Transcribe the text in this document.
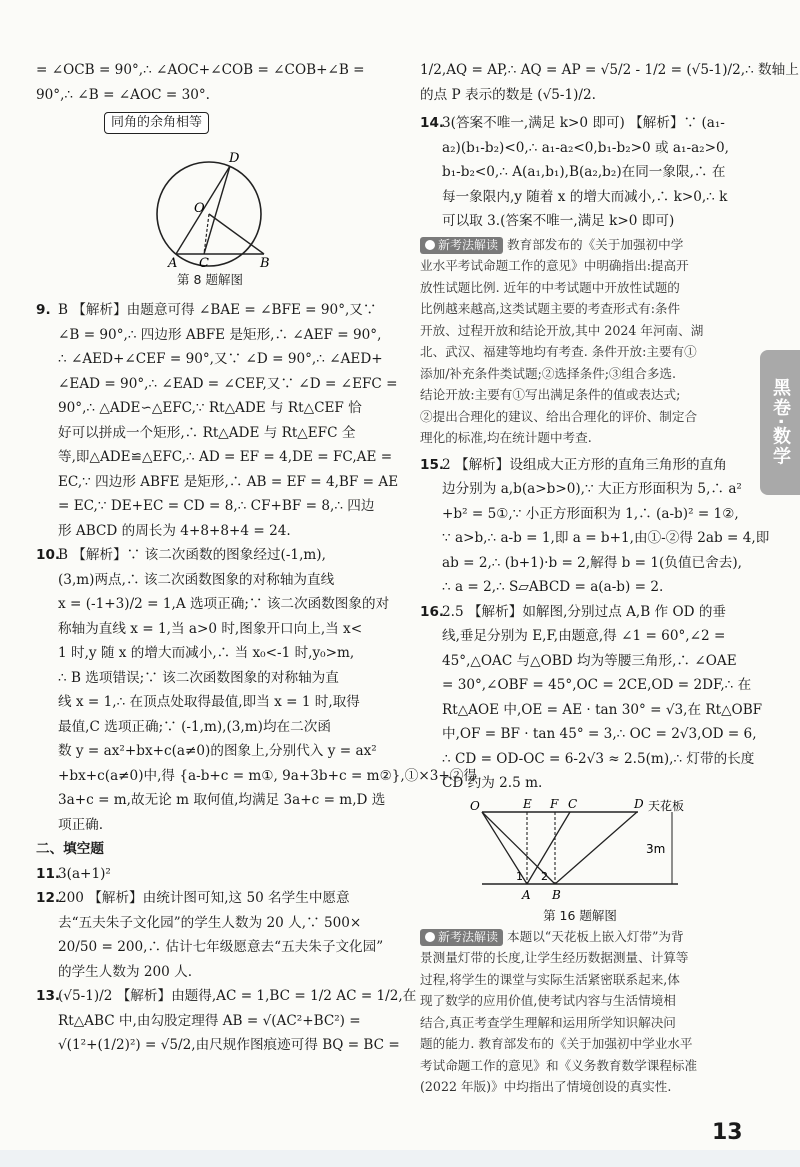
= ∠OCB = 90°,∴ ∠AOC+∠COB = ∠COB+∠B =
90°,∴ ∠B = ∠AOC = 30°.
同角的余角相等
D
O
A C	B
第 8 题解图
9. B 【解析】由题意可得 ∠BAE = ∠BFE = 90°,又∵
∠B = 90°,∴ 四边形 ABFE 是矩形,∴ ∠AEF = 90°,
∴ ∠AED+∠CEF = 90°,又∵ ∠D = 90°,∴ ∠AED+
∠EAD = 90°,∴ ∠EAD = ∠CEF,又∵ ∠D = ∠EFC =
90°,∴ △ADE∽△EFC,∵ Rt△ADE 与 Rt△CEF 恰
好可以拼成一个矩形,∴ Rt△ADE 与 Rt△EFC 全
等,即△ADE≌△EFC,∴ AD = EF = 4,DE = FC,AE =
EC,∵ 四边形 ABFE 是矩形,∴ AB = EF = 4,BF = AE
= EC,∵ DE+EC = CD = 8,∴ CF+BF = 8,∴ 四边
形 ABCD 的周长为 4+8+8+4 = 24.
10.B 【解析】∵ 该二次函数的图象经过(-1,m),
(3,m)两点,∴ 该二次函数图象的对称轴为直线
x = (-1+3)/2 = 1,A 选项正确;∵ 该二次函数图象的对
称轴为直线 x = 1,当 a>0 时,图象开口向上,当 x<
1 时,y 随 x 的增大而减小,∴ 当 x₀<-1 时,y₀>m,
∴ B 选项错误;∵ 该二次函数图象的对称轴为直
线 x = 1,∴ 在顶点处取得最值,即当 x = 1 时,取得
最值,C 选项正确;∵ (-1,m),(3,m)均在二次函
数 y = ax²+bx+c(a≠0)的图象上,分别代入 y = ax²
+bx+c(a≠0)中,得 {a-b+c = m①, 9a+3b+c = m②},①×3+②得
3a+c = m,故无论 m 取何值,均满足 3a+c = m,D 选
项正确.
二、填空题
11.3(a+1)²
12.200 【解析】由统计图可知,这 50 名学生中愿意
去“五夫朱子文化园”的学生人数为 20 人,∵ 500×
20/50 = 200,∴ 估计七年级愿意去“五夫朱子文化园”
的学生人数为 200 人.
13.(√5-1)/2 【解析】由题得,AC = 1,BC = 1/2 AC = 1/2,在
Rt△ABC 中,由勾股定理得 AB = √(AC²+BC²) =
√(1²+(1/2)²) = √5/2,由尺规作图痕迹可得 BQ = BC =
1/2,AQ = AP,∴ AQ = AP = √5/2 - 1/2 = (√5-1)/2,∴ 数轴上
的点 P 表示的数是 (√5-1)/2.
14.3(答案不唯一,满足 k>0 即可) 【解析】∵ (a₁-
a₂)(b₁-b₂)<0,∴ a₁-a₂<0,b₁-b₂>0 或 a₁-a₂>0,
b₁-b₂<0,∴ A(a₁,b₁),B(a₂,b₂)在同一象限,∴ 在
每一象限内,y 随着 x 的增大而减小,∴ k>0,∴ k
可以取 3.(答案不唯一,满足 k>0 即可)
新考法解读 教育部发布的《关于加强初中学
业水平考试命题工作的意见》中明确指出:提高开
放性试题比例. 近年的中考试题中开放性试题的
比例越来越高,这类试题主要的考查形式有:条件
开放、过程开放和结论开放,其中 2024 年河南、湖
北、武汉、福建等地均有考查. 条件开放:主要有①
添加/补充条件类试题;②选择条件;③组合多选.
结论开放:主要有①写出满足条件的值或表达式;
②提出合理化的建议、给出合理化的评价、制定合
理化的标准,均在统计题中考查.
15.2 【解析】设组成大正方形的直角三角形的直角
边分别为 a,b(a>b>0),∵ 大正方形面积为 5,∴ a²
+b² = 5①,∵ 小正方形面积为 1,∴ (a-b)² = 1②,
∵ a>b,∴ a-b = 1,即 a = b+1,由①-②得 2ab = 4,即
ab = 2,∴ (b+1)·b = 2,解得 b = 1(负值已舍去),
∴ a = 2,∴ S▱ABCD = a(a-b) = 2.
16.2.5 【解析】如解图,分别过点 A,B 作 OD 的垂
线,垂足分别为 E,F,由题意,得 ∠1 = 60°,∠2 =
45°,△OAC 与△OBD 均为等腰三角形,∴ ∠OAE
= 30°,∠OBF = 45°,OC = 2CE,OD = 2DF,∴ 在
Rt△AOE 中,OE = AE · tan 30° = √3,在 Rt△OBF
中,OF = BF · tan 45° = 3,∴ OC = 2√3,OD = 6,
∴ CD = OD-OC = 6-2√3 ≈ 2.5(m),∴ 灯带的长度
CD 约为 2.5 m.
O	E F C	D 天花板
3m
1 2
A B
第 16 题解图
新考法解读 本题以“天花板上嵌入灯带”为背
景测量灯带的长度,让学生经历数据测量、计算等
过程,将学生的课堂与实际生活紧密联系起来,体
现了数学的应用价值,使考试内容与生活情境相
结合,真正考查学生理解和运用所学知识解决问
题的能力. 教育部发布的《关于加强初中学业水平
考试命题工作的意见》和《义务教育数学课程标准
(2022 年版)》中均指出了情境创设的真实性.
黑卷·数学
13
